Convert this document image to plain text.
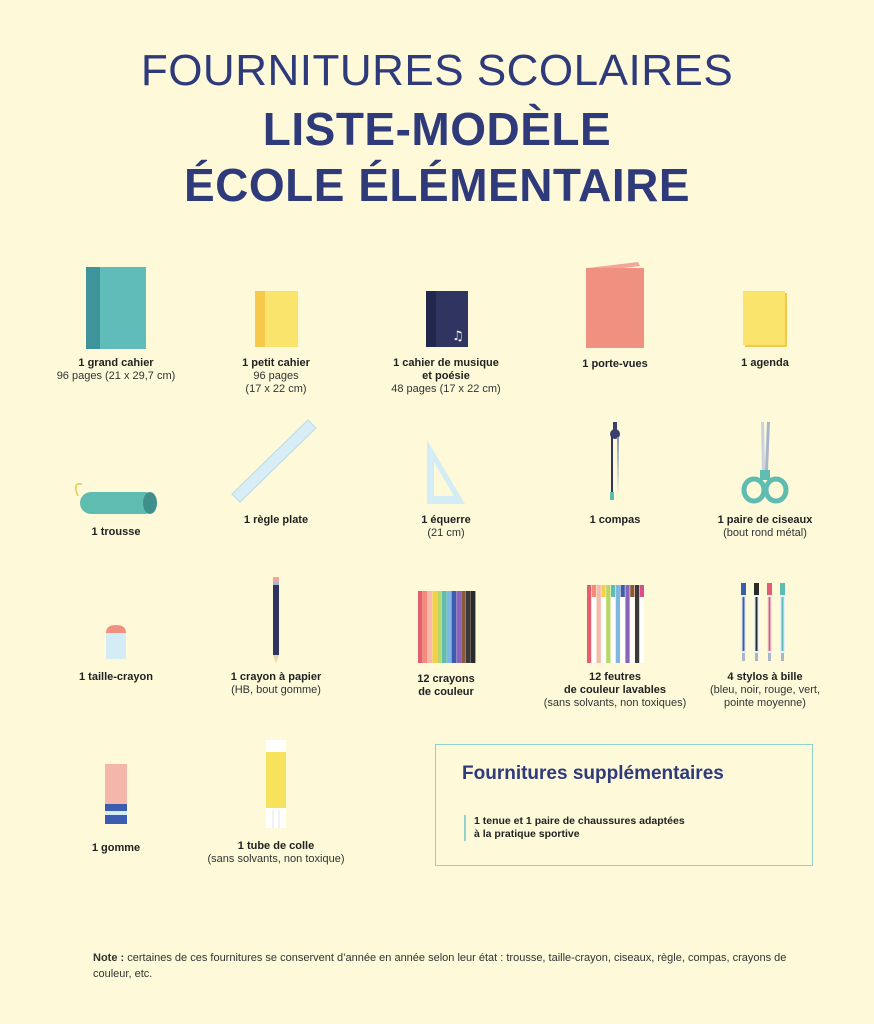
FOURNITURES SCOLAIRES
LISTE-MODÈLE
ÉCOLE ÉLÉMENTAIRE
1 grand cahier
96 pages (21 x 29,7 cm)
1 petit cahier
96 pages
(17 x 22 cm)
♫
1 cahier de musique
et poésie
48 pages (17 x 22 cm)
1 porte-vues	1 agenda
1 trousse
1 règle plate	1 équerre
(21 cm)
1 compas	1 paire de ciseaux
(bout rond métal)
1 taille-crayon	1 crayon à papier
(HB, bout gomme)
12 crayons
de couleur
12 feutres
de couleur lavables
(sans solvants, non toxiques)
4 stylos à bille
(bleu, noir, rouge, vert,
pointe moyenne)
1 gomme	1 tube de colle
(sans solvants, non toxique)
Fournitures supplémentaires
1 tenue et 1 paire de chaussures adaptées
à la pratique sportive
Note : certaines de ces fournitures se conservent d’année en année selon leur état : trousse, taille-crayon, ciseaux, règle, compas, crayons de couleur, etc.
